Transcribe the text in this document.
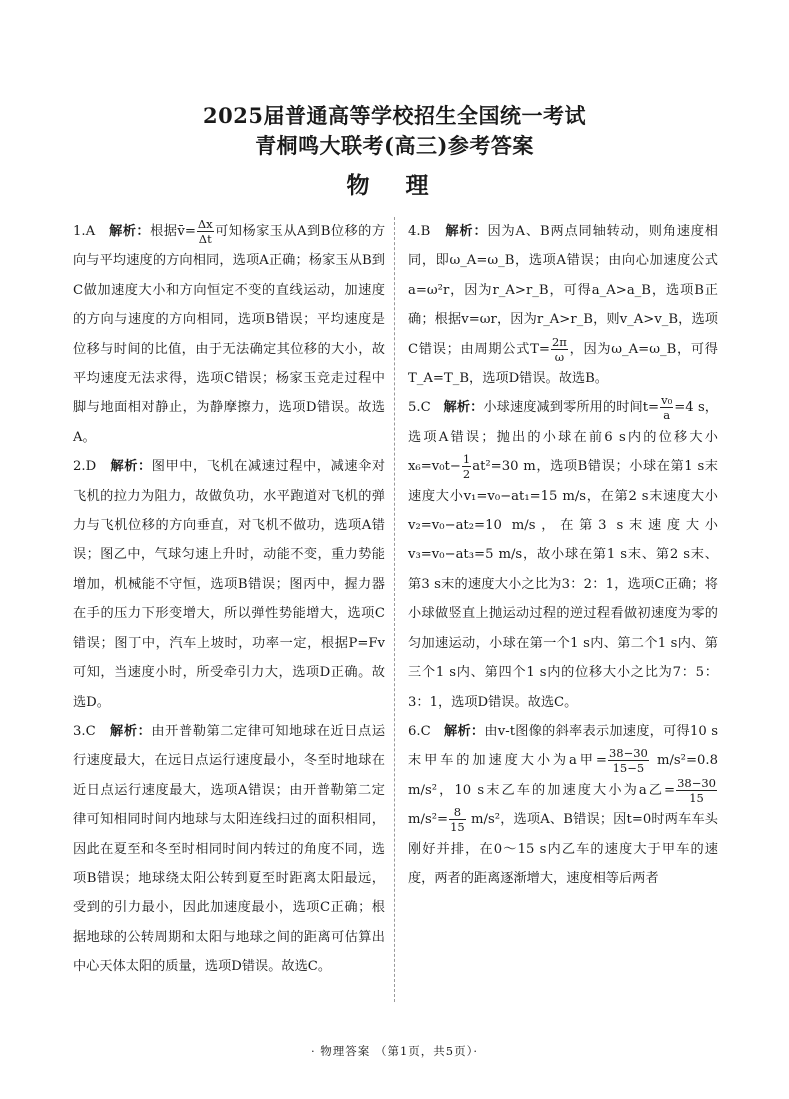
2025届普通高等学校招生全国统一考试
青桐鸣大联考(高三)参考答案
物 理
1.A 解析：根据v̄= $\frac{\Delta x}{\Delta t}$ 可知杨家玉从A到B位移的方向与平均速度的方向相同，选项A正确；杨家玉从B到C做加速度大小和方向恒定不变的直线运动，加速度的方向与速度的方向相同，选项B错误；平均速度是位移与时间的比值，由于无法确定其位移的大小，故平均速度无法求得，选项C错误；杨家玉竞走过程中脚与地面相对静止，为静摩擦力，选项D错误。故选A。
2.D 解析：图甲中，飞机在减速过程中，减速伞对飞机的拉力为阻力，故做负功，水平跑道对飞机的弹力与飞机位移的方向垂直，对飞机不做功，选项A错误；图乙中，气球匀速上升时，动能不变，重力势能增加，机械能不守恒，选项B错误；图丙中，握力器在手的压力下形变增大，所以弹性势能增大，选项C错误；图丁中，汽车上坡时，功率一定，根据P=Fv可知，当速度小时，所受牵引力大，选项D正确。故选D。
3.C 解析：由开普勒第二定律可知地球在近日点运行速度最大，在远日点运行速度最小，冬至时地球在近日点运行速度最大，选项A错误；由开普勒第二定律可知相同时间内地球与太阳连线扫过的面积相同，因此在夏至和冬至时相同时间内转过的角度不同，选项B错误；地球绕太阳公转到夏至时距离太阳最远，受到的引力最小，因此加速度最小，选项C正确；根据地球的公转周期和太阳与地球之间的距离可估算出中心天体太阳的质量，选项D错误。故选C。
4.B 解析：因为A、B两点同轴转动，则角速度相同，即ω_A=ω_B，选项A错误；由向心加速度公式a=ω²r，因为r_A>r_B，可得a_A>a_B，选项B正确；根据v=ωr，因为r_A>r_B，则v_A>v_B，选项C错误；由周期公式$T= \frac{2\pi}{\omega}$ ，因为ω_A=ω_B，可得T_A=T_B，选项D错误。故选B。
5.C 解析：小球速度减到零所用的时间$t= \frac{\text{v₀}}{a} =4$ s，选项A错误；抛出的小球在前6 s内的位移大小$x_6=v_0t- \frac{1}{2} at^2=30$ m，选项B错误；小球在第1 s末速度大小v₁=v₀−at₁=15 m/s，在第2 s末速度大小v₂=v₀−at₂=10 m/s，在第3 s末速度大小v₃=v₀−at₃=5 m/s，故小球在第1 s末、第2 s末、第3 s末的速度大小之比为3：2：1，选项C正确；将小球做竖直上抛运动过程的逆过程看做初速度为零的匀加速运动，小球在第一个1 s内、第二个1 s内、第三个1 s内、第四个1 s内的位移大小之比为7：5：3：1，选项D错误。故选C。
6.C 解析：由v-t图像的斜率表示加速度，可得10 s末甲车的加速度大小为a甲= $\frac{38-30}{15-5} m/s^2=0.8$ m/s²，10 s末乙车的加速度大小为a乙= $\frac{38-30}{15}$
$m/s^2= \frac{8}{15} m/s^2$，选项A、B错误；因t=0时两车车头刚好并排，在0～15 s内乙车的速度大于甲车的速度，两者的距离逐渐增大，速度相等后两者
· 物理答案 （第1页，共5页）·
